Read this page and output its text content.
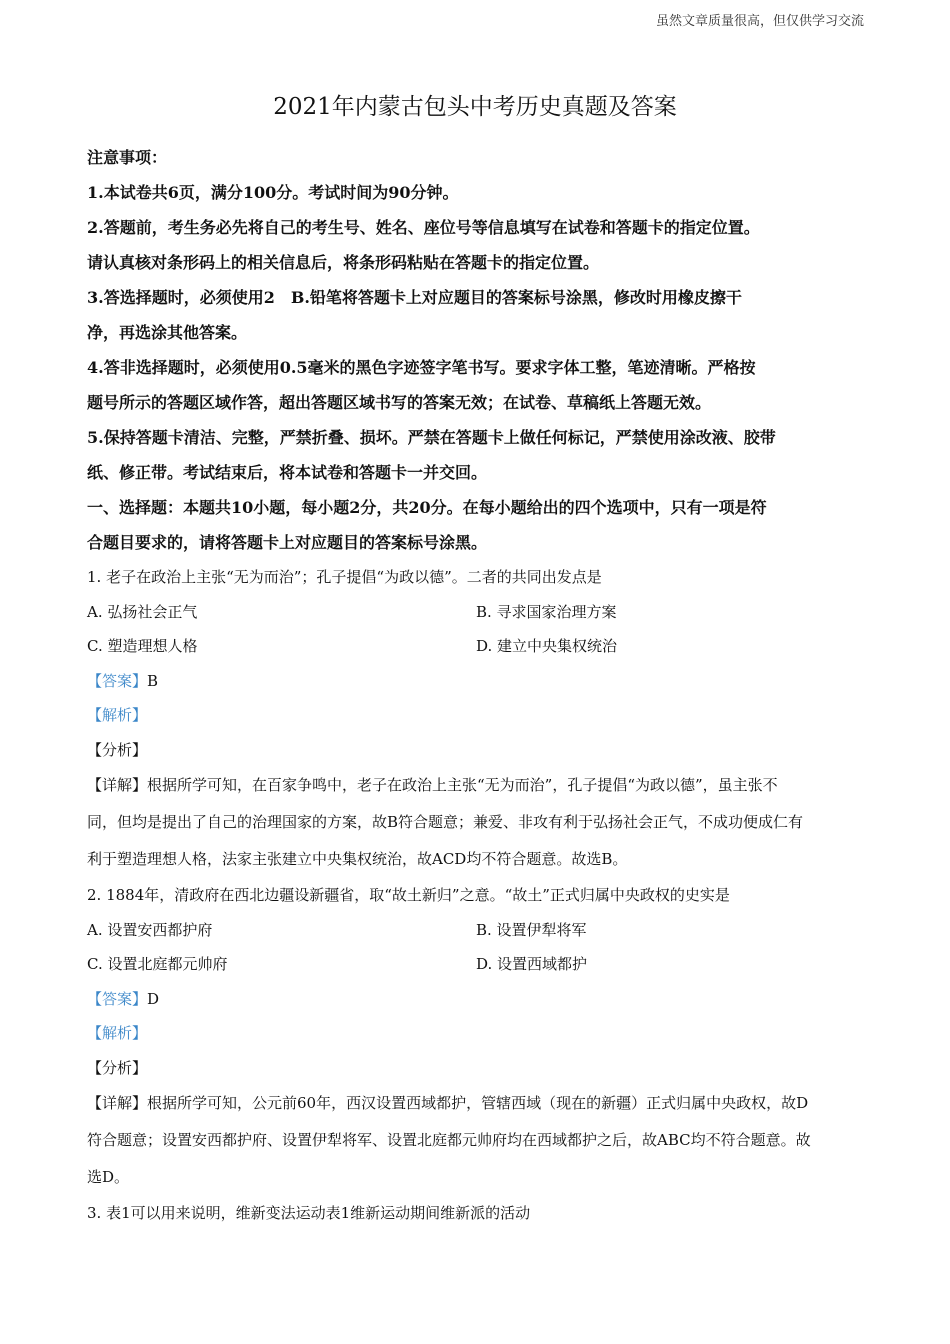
虽然文章质量很高，但仅供学习交流
2021年内蒙古包头中考历史真题及答案
注意事项：
1.本试卷共6页，满分100分。考试时间为90分钟。
2.答题前，考生务必先将自己的考生号、姓名、座位号等信息填写在试卷和答题卡的指定位置。
请认真核对条形码上的相关信息后，将条形码粘贴在答题卡的指定位置。
3.答选择题时，必须使用2　B.铅笔将答题卡上对应题目的答案标号涂黑，修改时用橡皮擦干
净，再选涂其他答案。
4.答非选择题时，必须使用0.5毫米的黑色字迹签字笔书写。要求字体工整，笔迹清晰。严格按
题号所示的答题区域作答，超出答题区域书写的答案无效；在试卷、草稿纸上答题无效。
5.保持答题卡清洁、完整，严禁折叠、损坏。严禁在答题卡上做任何标记，严禁使用涂改液、胶带
纸、修正带。考试结束后，将本试卷和答题卡一并交回。
一、选择题：本题共10小题，每小题2分，共20分。在每小题给出的四个选项中，只有一项是符
合题目要求的，请将答题卡上对应题目的答案标号涂黑。
1. 老子在政治上主张“无为而治”；孔子提倡“为政以德”。二者的共同出发点是
A. 弘扬社会正气	B. 寻求国家治理方案
C. 塑造理想人格	D. 建立中央集权统治
【答案】B
【解析】
【分析】
【详解】根据所学可知，在百家争鸣中，老子在政治上主张“无为而治”，孔子提倡“为政以德”，虽主张不
同，但均是提出了自己的治理国家的方案，故B符合题意；兼爱、非攻有利于弘扬社会正气，不成功便成仁有
利于塑造理想人格，法家主张建立中央集权统治，故ACD均不符合题意。故选B。
2. 1884年，清政府在西北边疆设新疆省，取“故土新归”之意。“故土”正式归属中央政权的史实是
A. 设置安西都护府	B. 设置伊犁将军
C. 设置北庭都元帅府	D. 设置西域都护
【答案】D
【解析】
【分析】
【详解】根据所学可知，公元前60年，西汉设置西域都护，管辖西域（现在的新疆）正式归属中央政权，故D
符合题意；设置安西都护府、设置伊犁将军、设置北庭都元帅府均在西域都护之后，故ABC均不符合题意。故
选D。
3. 表1可以用来说明，维新变法运动表1维新运动期间维新派的活动
